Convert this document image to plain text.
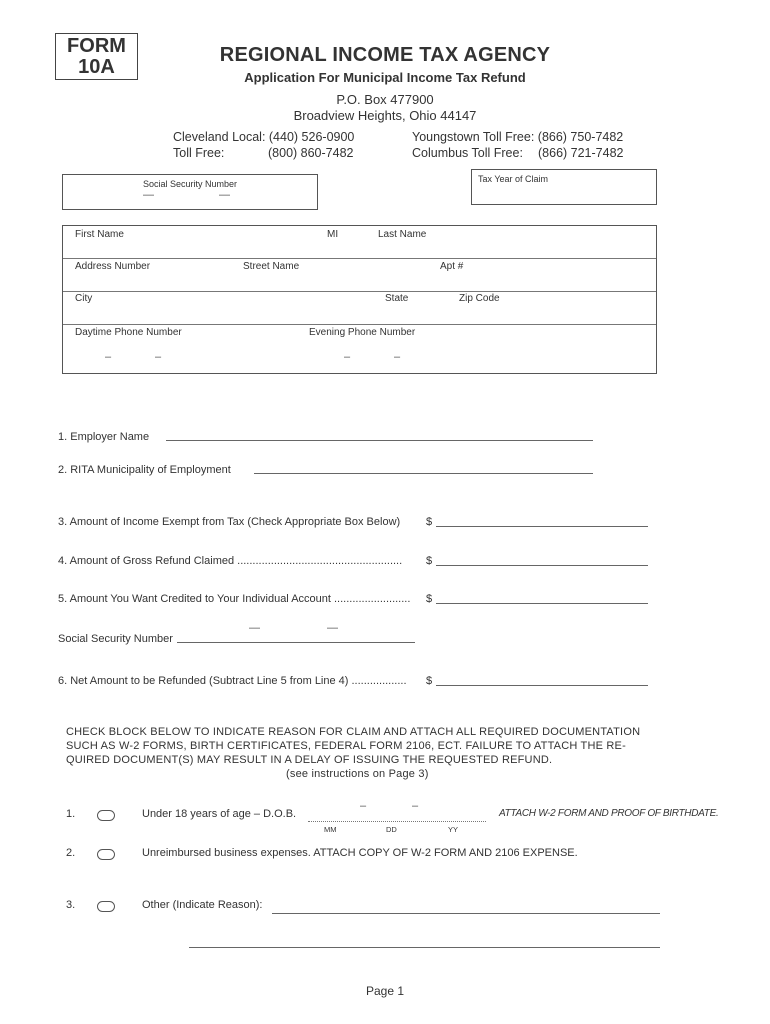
FORM
10A
REGIONAL INCOME TAX AGENCY
Application For Municipal Income Tax Refund
P.O. Box 477900
Broadview Heights, Ohio 44147
Cleveland Local: (440) 526-0900
Toll Free:	(800) 860-7482
Youngstown Toll Free: (866) 750-7482
Columbus Toll Free: (866) 721-7482
Social Security Number
—	—
Tax Year of Claim
First Name	MI	Last Name
Address Number	Street Name	Apt #
City	State	Zip Code
Daytime Phone Number	Evening Phone Number
–	–	–	–
1. Employer Name
2. RITA Municipality of Employment
3. Amount of Income Exempt from Tax (Check Appropriate Box Below) $
4. Amount of Gross Refund Claimed ...................................................... $
5. Amount You Want Credited to Your Individual Account ......................... $
Social Security Number
—	—
6. Net Amount to be Refunded (Subtract Line 5 from Line 4) .................. $
CHECK BLOCK BELOW TO INDICATE REASON FOR CLAIM AND ATTACH ALL REQUIRED DOCUMENTATION
SUCH AS W-2 FORMS, BIRTH CERTIFICATES, FEDERAL FORM 2106, ECT. FAILURE TO ATTACH THE RE-
QUIRED DOCUMENT(S) MAY RESULT IN A DELAY OF ISSUING THE REQUESTED REFUND.
(see instructions on Page 3)
1.	Under 18 years of age – D.O.B.
–	–
MM	DD	YY
ATTACH W-2 FORM AND PROOF OF BIRTHDATE.
2.	Unreimbursed business expenses. ATTACH COPY OF W-2 FORM AND 2106 EXPENSE.
3.	Other (Indicate Reason):
Page 1
